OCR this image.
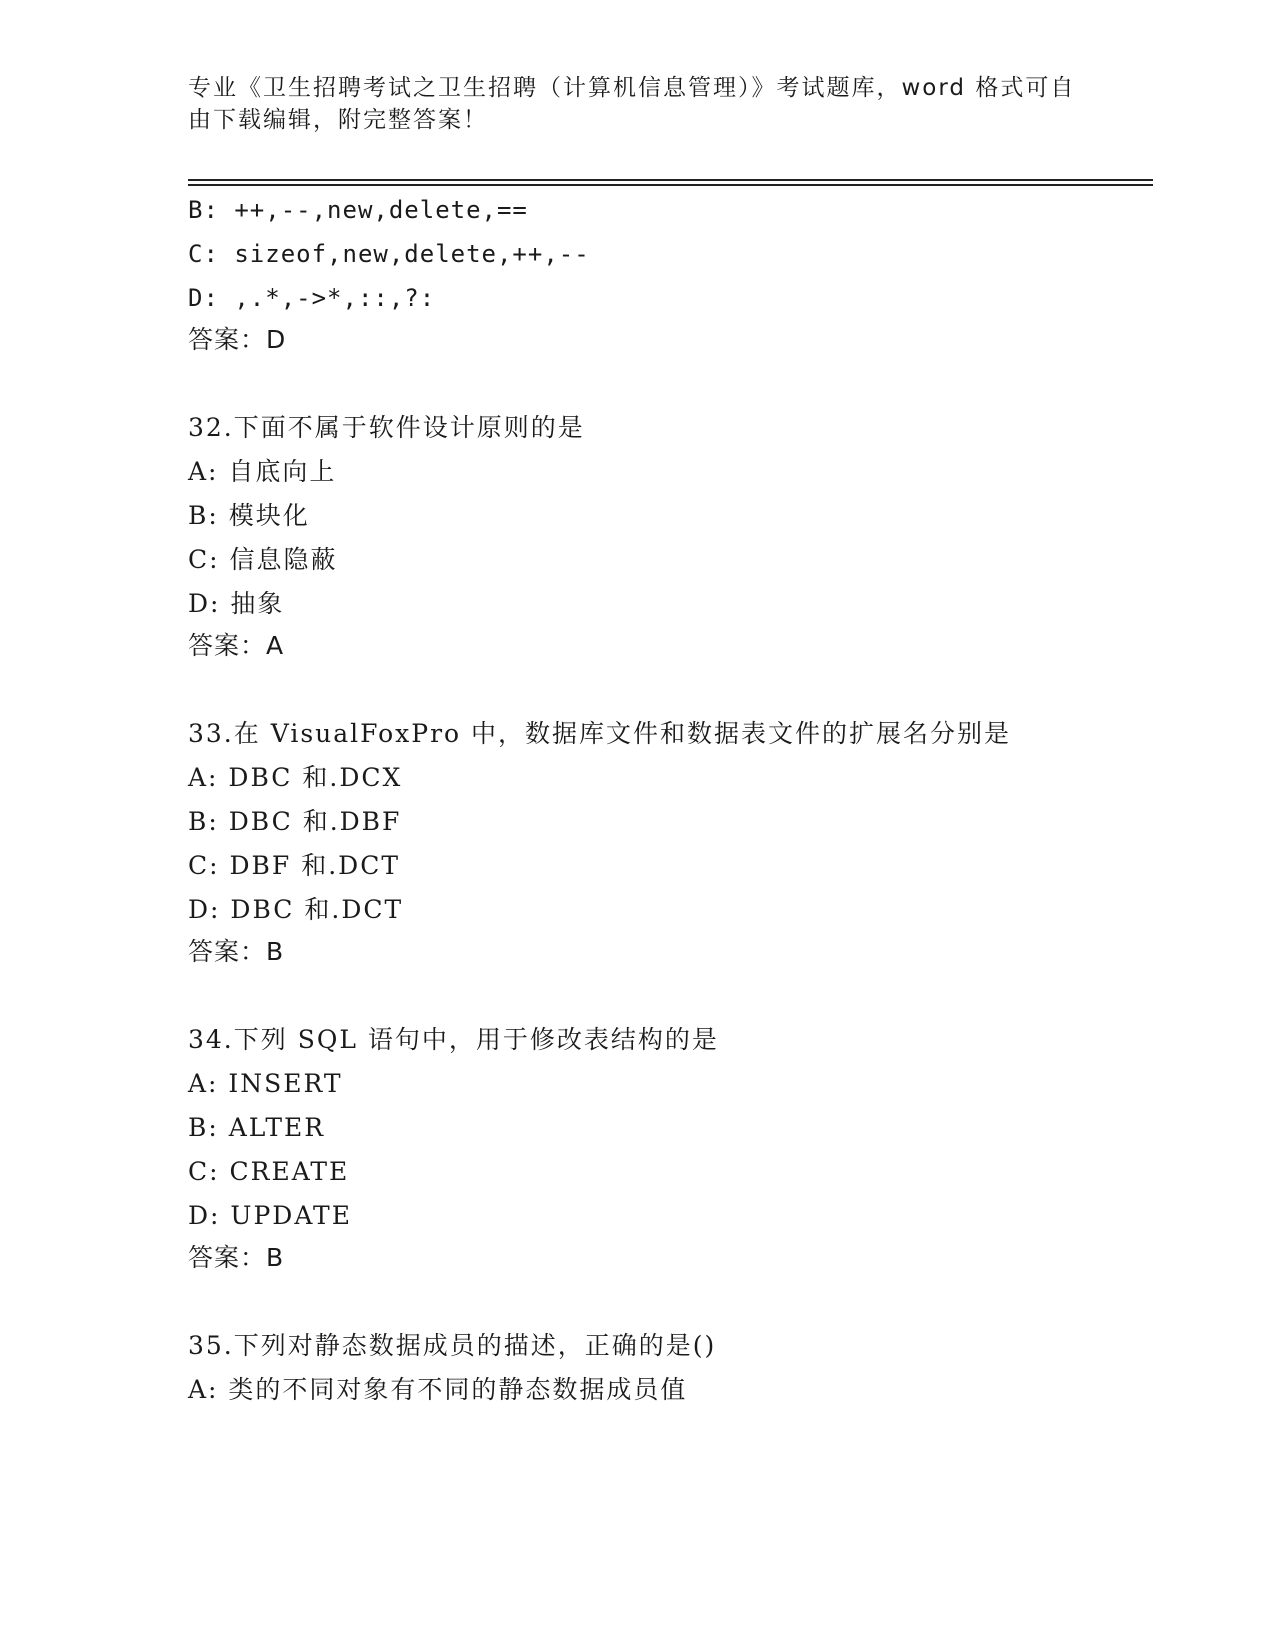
专业《卫生招聘考试之卫生招聘（计算机信息管理）》考试题库，word 格式可自
由下载编辑，附完整答案！
B: ++,--,new,delete,==
C: sizeof,new,delete,++,--
D: ,.*,->*,::,?:
答案：D
32.下面不属于软件设计原则的是
A: 自底向上
B: 模块化
C: 信息隐蔽
D: 抽象
答案：A
33.在 VisualFoxPro 中，数据库文件和数据表文件的扩展名分别是
A: DBC 和.DCX
B: DBC 和.DBF
C: DBF 和.DCT
D: DBC 和.DCT
答案：B
34.下列 SQL 语句中，用于修改表结构的是
A: INSERT
B: ALTER
C: CREATE
D: UPDATE
答案：B
35.下列对静态数据成员的描述，正确的是()
A: 类的不同对象有不同的静态数据成员值
